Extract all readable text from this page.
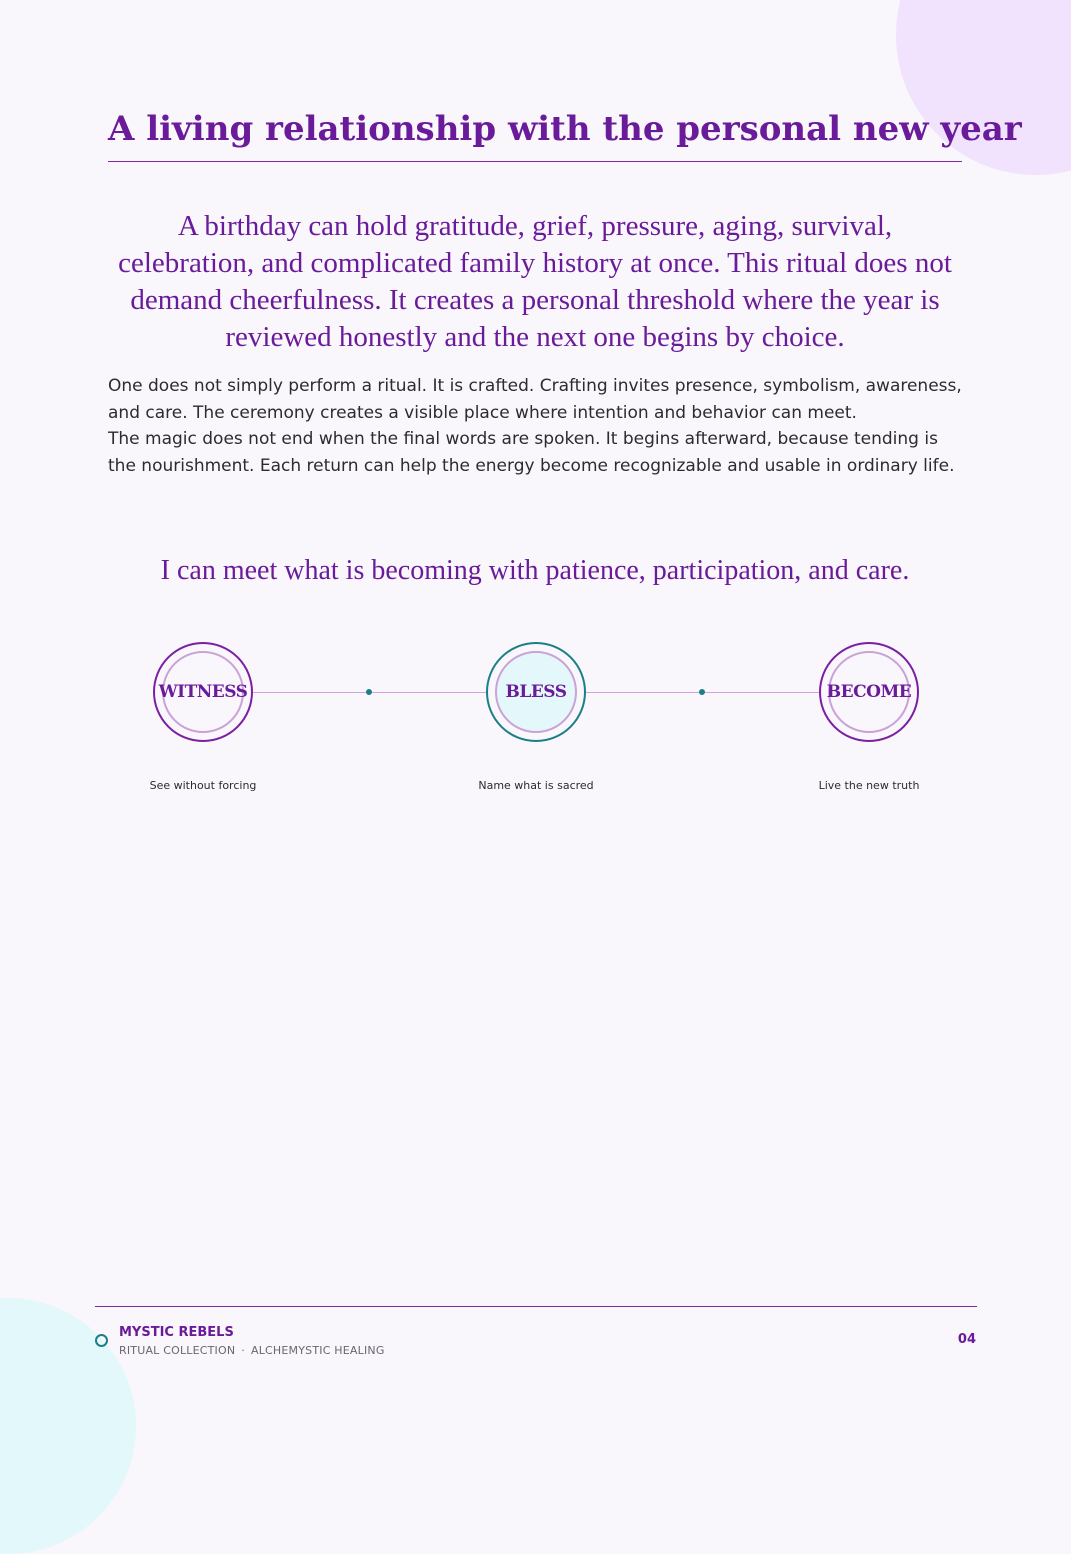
A living relationship with the personal new year

A birthday can hold gratitude, grief, pressure, aging, survival, celebration, and complicated family history at once. This ritual does not demand cheerfulness. It creates a personal threshold where the year is reviewed honestly and the next one begins by choice.

One does not simply perform a ritual. It is crafted. Crafting invites presence, symbolism, awareness, and care. The ceremony creates a visible place where intention and behavior can meet.

The magic does not end when the final words are spoken. It begins afterward, because tending is the nourishment. Each return can help the energy become recognizable and usable in ordinary life.

I can meet what is becoming with patience, participation, and care.

WITNESS	BLESS	BECOME
See without forcing	Name what is sacred	Live the new truth
MYSTIC REBELS
RITUAL COLLECTION · ALCHEMYSTIC HEALING
04
